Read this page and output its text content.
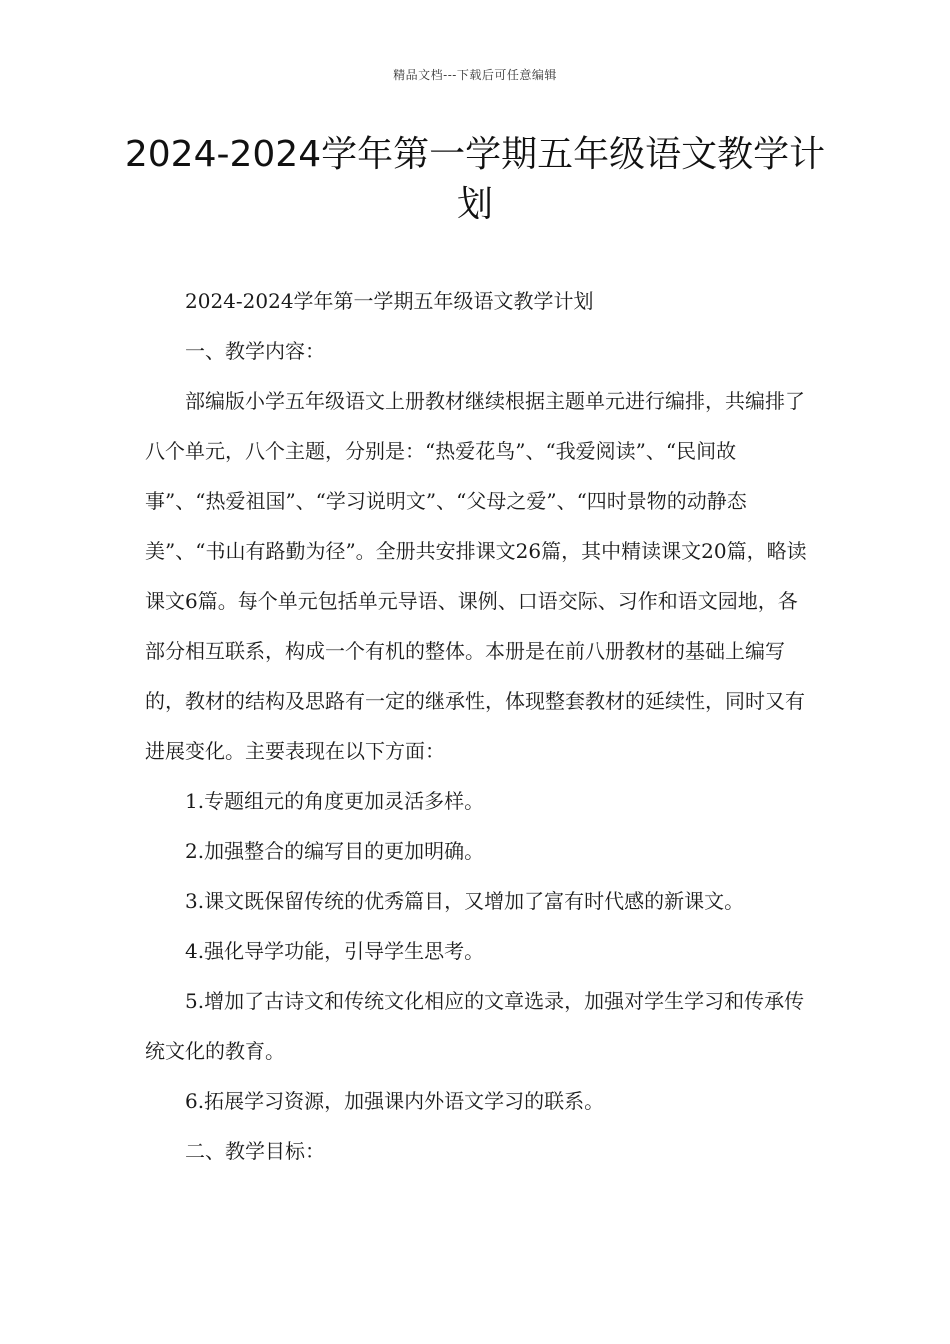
精品文档---下载后可任意编辑
2024-2024学年第一学期五年级语文教学计划

2024-2024学年第一学期五年级语文教学计划

一、教学内容：

部编版小学五年级语文上册教材继续根据主题单元进行编排，共编排了八个单元，八个主题，分别是：“热爱花鸟”、“我爱阅读”、“民间故事”、“热爱祖国”、“学习说明文”、“父母之爱”、“四时景物的动静态美”、“书山有路勤为径”。全册共安排课文26篇，其中精读课文20篇，略读课文6篇。每个单元包括单元导语、课例、口语交际、习作和语文园地，各部分相互联系，构成一个有机的整体。本册是在前八册教材的基础上编写的，教材的结构及思路有一定的继承性，体现整套教材的延续性，同时又有进展变化。主要表现在以下方面：

1.专题组元的角度更加灵活多样。

2.加强整合的编写目的更加明确。

3.课文既保留传统的优秀篇目，又增加了富有时代感的新课文。

4.强化导学功能，引导学生思考。

5.增加了古诗文和传统文化相应的文章选录，加强对学生学习和传承传统文化的教育。

6.拓展学习资源，加强课内外语文学习的联系。

二、教学目标：
